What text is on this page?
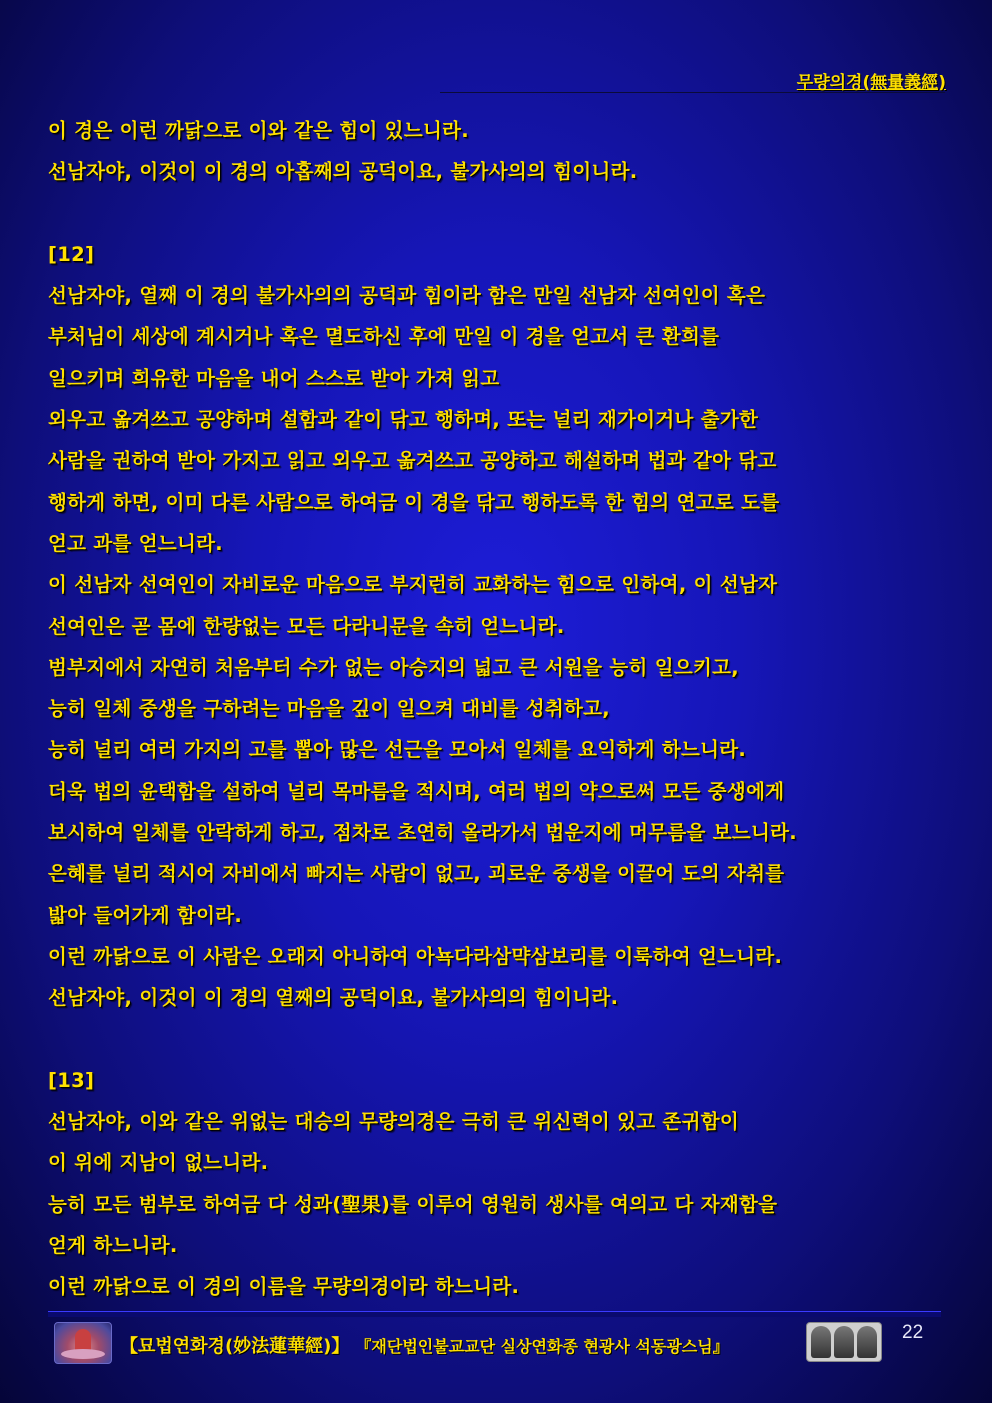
무량의경(無量義經)
이 경은 이런 까닭으로 이와 같은 힘이 있느니라.
선남자야, 이것이 이 경의 아홉째의 공덕이요, 불가사의의 힘이니라.
[12]
선남자야, 열째 이 경의 불가사의의 공덕과 힘이라 함은 만일 선남자 선여인이 혹은
부처님이 세상에 계시거나 혹은 멸도하신 후에 만일 이 경을 얻고서 큰 환희를
일으키며 희유한 마음을 내어 스스로 받아 가져 읽고
외우고 옮겨쓰고 공양하며 설함과 같이 닦고 행하며, 또는 널리 재가이거나 출가한
사람을 권하여 받아 가지고 읽고 외우고 옮겨쓰고 공양하고 해설하며 법과 같아 닦고
행하게 하면, 이미 다른 사람으로 하여금 이 경을 닦고 행하도록 한 힘의 연고로 도를
얻고 과를 얻느니라.
이 선남자 선여인이 자비로운 마음으로 부지런히 교화하는 힘으로 인하여, 이 선남자
선여인은 곧 몸에 한량없는 모든 다라니문을 속히 얻느니라.
범부지에서 자연히 처음부터 수가 없는 아승지의 넓고 큰 서원을 능히 일으키고,
능히 일체 중생을 구하려는 마음을 깊이 일으켜 대비를 성취하고,
능히 널리 여러 가지의 고를 뽑아 많은 선근을 모아서 일체를 요익하게 하느니라.
더욱 법의 윤택함을 설하여 널리 목마름을 적시며, 여러 법의 약으로써 모든 중생에게
보시하여 일체를 안락하게 하고, 점차로 초연히 올라가서 법운지에 머무름을 보느니라.
은혜를 널리 적시어 자비에서 빠지는 사람이 없고, 괴로운 중생을 이끌어 도의 자취를
밟아 들어가게 함이라.
이런 까닭으로 이 사람은 오래지 아니하여 아뇩다라삼먁삼보리를 이룩하여 얻느니라.
선남자야, 이것이 이 경의 열째의 공덕이요, 불가사의의 힘이니라.
[13]
선남자야, 이와 같은 위없는 대승의 무량의경은 극히 큰 위신력이 있고 존귀함이
이 위에 지남이 없느니라.
능히 모든 범부로 하여금 다 성과(聖果)를 이루어 영원히 생사를 여의고 다 자재함을
얻게 하느니라.
이런 까닭으로 이 경의 이름을 무량의경이라 하느니라.
【묘법연화경(妙法蓮華經)】 『재단법인불교교단 실상연화종 현광사 석동광스님』
22
